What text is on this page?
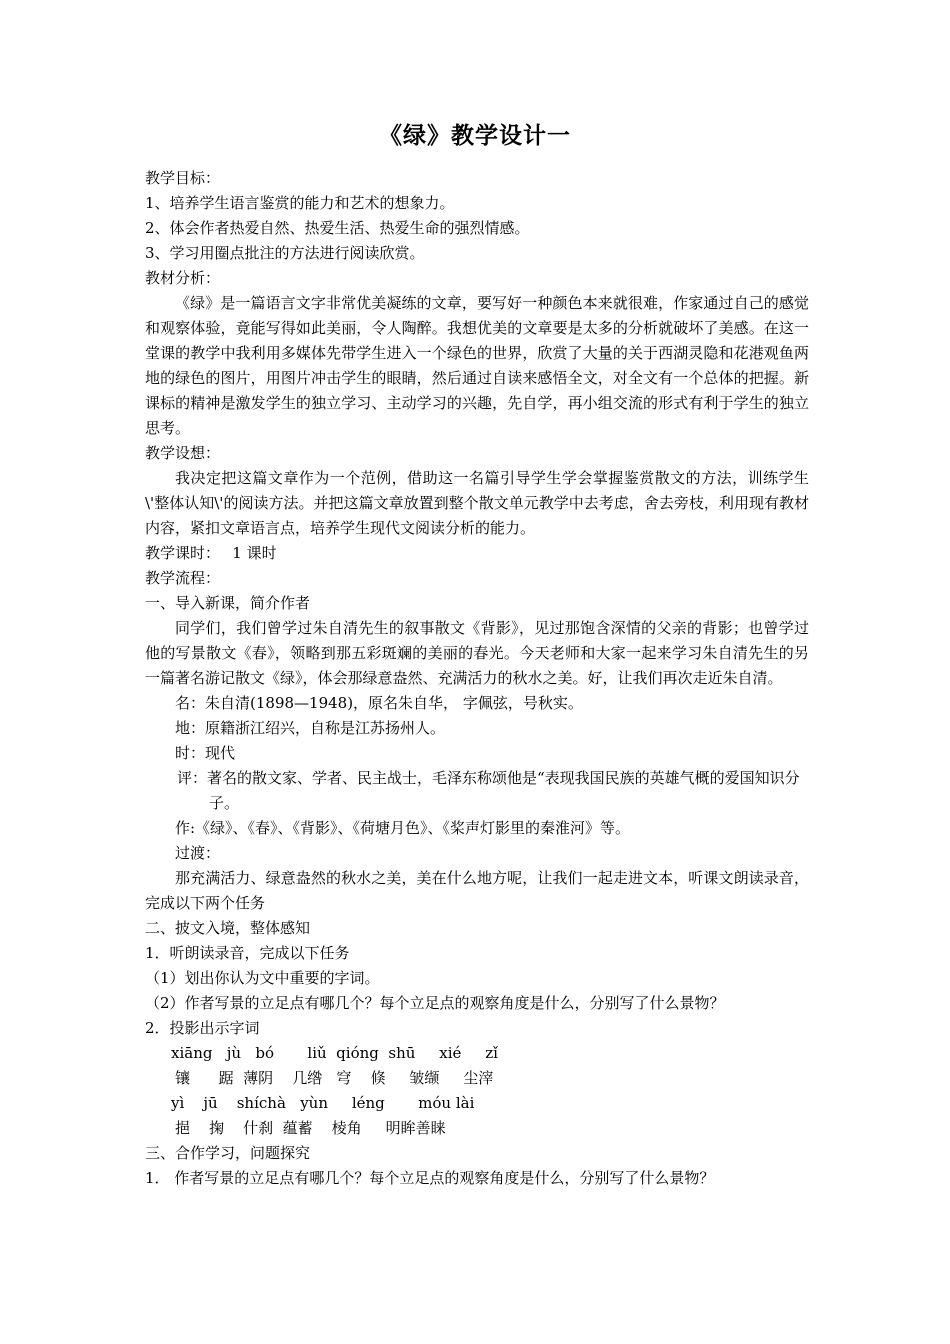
《绿》教学设计一
教学目标：
1、培养学生语言鉴赏的能力和艺术的想象力。
2、体会作者热爱自然、热爱生活、热爱生命的强烈情感。
3、学习用圈点批注的方法进行阅读欣赏。
教材分析：

《绿》是一篇语言文字非常优美凝练的文章，要写好一种颜色本来就很难，作家通过自己的感觉和观察体验，竟能写得如此美丽，令人陶醉。我想优美的文章要是太多的分析就破坏了美感。在这一堂课的教学中我利用多媒体先带学生进入一个绿色的世界，欣赏了大量的关于西湖灵隐和花港观鱼两地的绿色的图片，用图片冲击学生的眼睛，然后通过自读来感悟全文，对全文有一个总体的把握。新课标的精神是激发学生的独立学习、主动学习的兴趣，先自学，再小组交流的形式有利于学生的独立思考。

教学设想：

我决定把这篇文章作为一个范例，借助这一名篇引导学生学会掌握鉴赏散文的方法，训练学生\'整体认知\'的阅读方法。并把这篇文章放置到整个散文单元教学中去考虑，舍去旁枝，利用现有教材内容，紧扣文章语言点，培养学生现代文阅读分析的能力。

教学课时：　 1 课时
教学流程：
一、导入新课，简介作者

同学们，我们曾学过朱自清先生的叙事散文《背影》，见过那饱含深情的父亲的背影；也曾学过他的写景散文《春》，领略到那五彩斑斓的美丽的春光。今天老师和大家一起来学习朱自清先生的另一篇著名游记散文《绿》，体会那绿意盎然、充满活力的秋水之美。好，让我们再次走近朱自清。

名：朱自清(1898—1948)，原名朱自华， 字佩弦，号秋实。
地：原籍浙江绍兴，自称是江苏扬州人。
时：现代
评：著名的散文家、学者、民主战士，毛泽东称颂他是“表现我国民族的英雄气概的爱国知识分子。
作:《绿》、《春》、《背影》、《荷塘月色》、《桨声灯影里的秦淮河》等。
过渡：

那充满活力、绿意盎然的秋水之美，美在什么地方呢，让我们一起走进文本，听课文朗读录音，完成以下两个任务

二、披文入境，整体感知
1．听朗读录音，完成以下任务
（1）划出你认为文中重要的字词。
（2）作者写景的立足点有哪几个？每个立足点的观察角度是什么，分别写了什么景物？
2．投影出示字词
xiāng   jù   bó       liǔ  qióng  shū     xié     zǐ
镶      踞  薄阴    几绺   穹    倏     皱缬     尘滓
yì    jū    shíchà   yùn     léng       móu lài
挹    掬    什刹  蕴蓄    棱角     明眸善睐
三、合作学习，问题探究
1． 作者写景的立足点有哪几个？每个立足点的观察角度是什么，分别写了什么景物？
